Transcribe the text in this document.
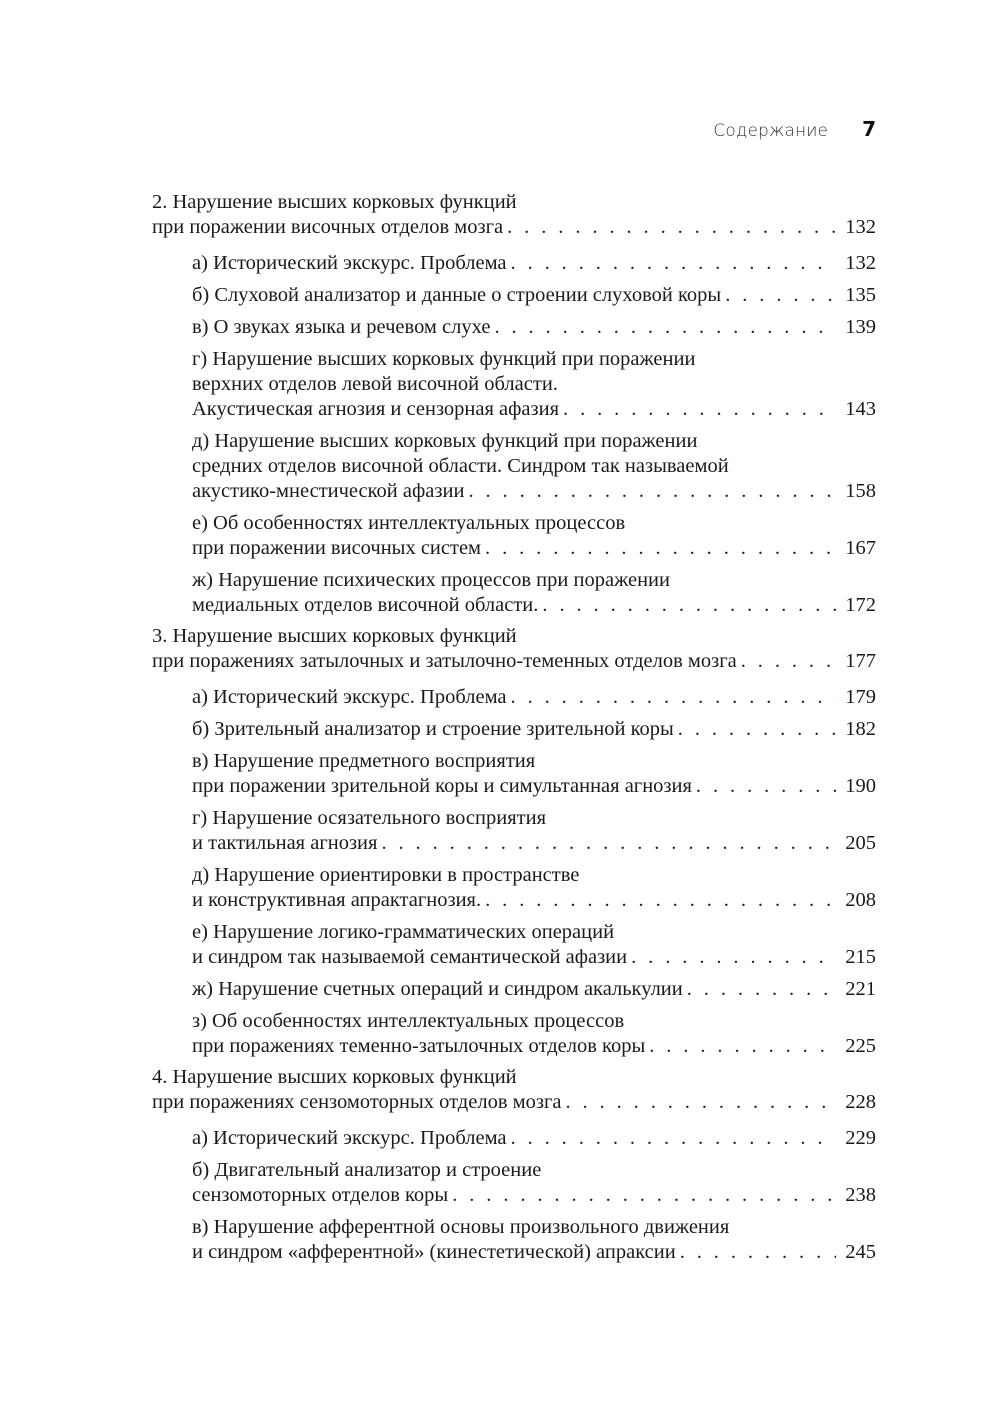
Содержание 7
2. Нарушение высших корковых функций
при поражении височных отделов мозга . . .	132
а) Исторический экскурс. Проблема . . .	132
б) Слуховой анализатор и данные о строении слуховой коры . . .	135
в) О звуках языка и речевом слухе . . .	139
г) Нарушение высших корковых функций при поражении
верхних отделов левой височной области.
Акустическая агнозия и сензорная афазия . . .	143
д) Нарушение высших корковых функций при поражении
средних отделов височной области. Синдром так называемой
акустико-мнестической афазии . . .	158
е) Об особенностях интеллектуальных процессов
при поражении височных систем . . .	167
ж) Нарушение психических процессов при поражении
медиальных отделов височной области. . . .	172
3. Нарушение высших корковых функций
при поражениях затылочных и затылочно-теменных отделов мозга . . .	177
а) Исторический экскурс. Проблема . . .	179
б) Зрительный анализатор и строение зрительной коры . . .	182
в) Нарушение предметного восприятия
при поражении зрительной коры и симультанная агнозия . . .	190
г) Нарушение осязательного восприятия
и тактильная агнозия . . .	205
д) Нарушение ориентировки в пространстве
и конструктивная апрактагнозия. . . .	208
е) Нарушение логико-грамматических операций
и синдром так называемой семантической афазии . . .	215
ж) Нарушение счетных операций и синдром акалькулии . . .	221
з) Об особенностях интеллектуальных процессов
при поражениях теменно-затылочных отделов коры . . .	225
4. Нарушение высших корковых функций
при поражениях сензомоторных отделов мозга . . .	228
а) Исторический экскурс. Проблема . . .	229
б) Двигательный анализатор и строение
сензомоторных отделов коры . . .	238
в) Нарушение афферентной основы произвольного движения
и синдром «афферентной» (кинестетической) апраксии . . .	245
